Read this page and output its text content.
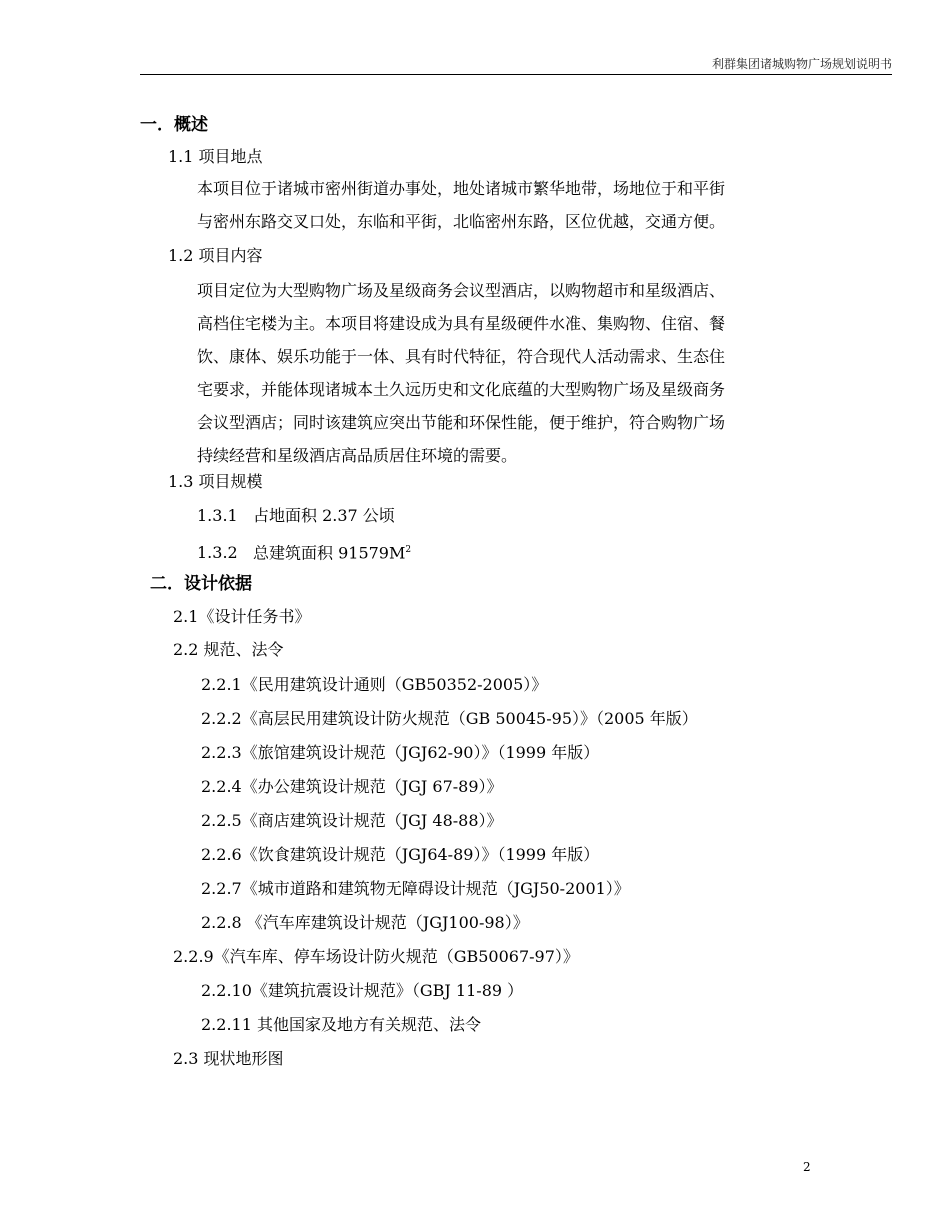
利群集团诸城购物广场规划说明书
一．概述
1.1 项目地点
本项目位于诸城市密州街道办事处，地处诸城市繁华地带，场地位于和平街
与密州东路交叉口处，东临和平街，北临密州东路，区位优越，交通方便。
1.2 项目内容
项目定位为大型购物广场及星级商务会议型酒店，以购物超市和星级酒店、
高档住宅楼为主。本项目将建设成为具有星级硬件水准、集购物、住宿、餐
饮、康体、娱乐功能于一体、具有时代特征，符合现代人活动需求、生态住
宅要求，并能体现诸城本土久远历史和文化底蕴的大型购物广场及星级商务
会议型酒店；同时该建筑应突出节能和环保性能，便于维护，符合购物广场
持续经营和星级酒店高品质居住环境的需要。
1.3 项目规模
1.3.1 占地面积 2.37 公顷
1.3.2 总建筑面积 $91579M^2$
二．设计依据
2.1《设计任务书》
2.2 规范、法令
2.2.1《民用建筑设计通则（GB50352-2005）》
2.2.2《高层民用建筑设计防火规范（GB 50045-95）》（2005 年版）
2.2.3《旅馆建筑设计规范（JGJ62-90）》（1999 年版）
2.2.4《办公建筑设计规范（JGJ 67-89）》
2.2.5《商店建筑设计规范（JGJ 48-88）》
2.2.6《饮食建筑设计规范（JGJ64-89）》（1999 年版）
2.2.7《城市道路和建筑物无障碍设计规范（JGJ50-2001）》
2.2.8 《汽车库建筑设计规范（JGJ100-98）》
2.2.9《汽车库、停车场设计防火规范（GB50067-97）》
2.2.10《建筑抗震设计规范》（GBJ 11-89 ）
2.2.11 其他国家及地方有关规范、法令
2.3 现状地形图
2
